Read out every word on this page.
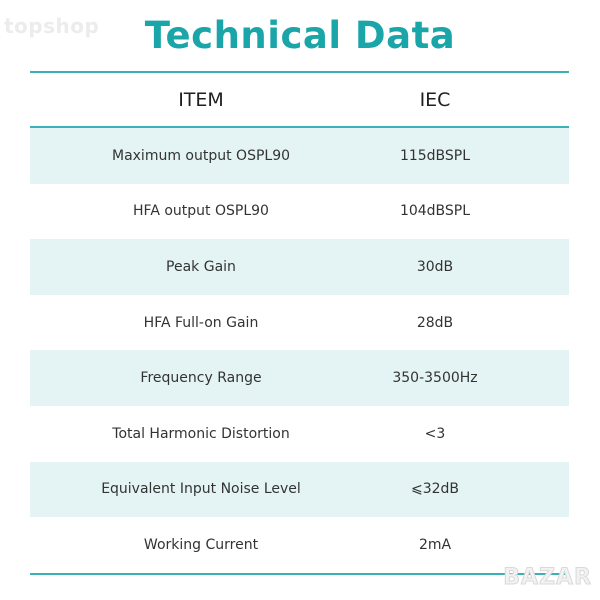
topshop	Technical Data
ITEM	IEC
Maximum output OSPL90	115dBSPL
HFA output OSPL90	104dBSPL
Peak Gain	30dB
HFA Full-on Gain	28dB
Frequency Range	350-3500Hz
Total Harmonic Distortion	<3
Equivalent Input Noise Level	⩽32dB
Working Current	2mA
BAZAR
